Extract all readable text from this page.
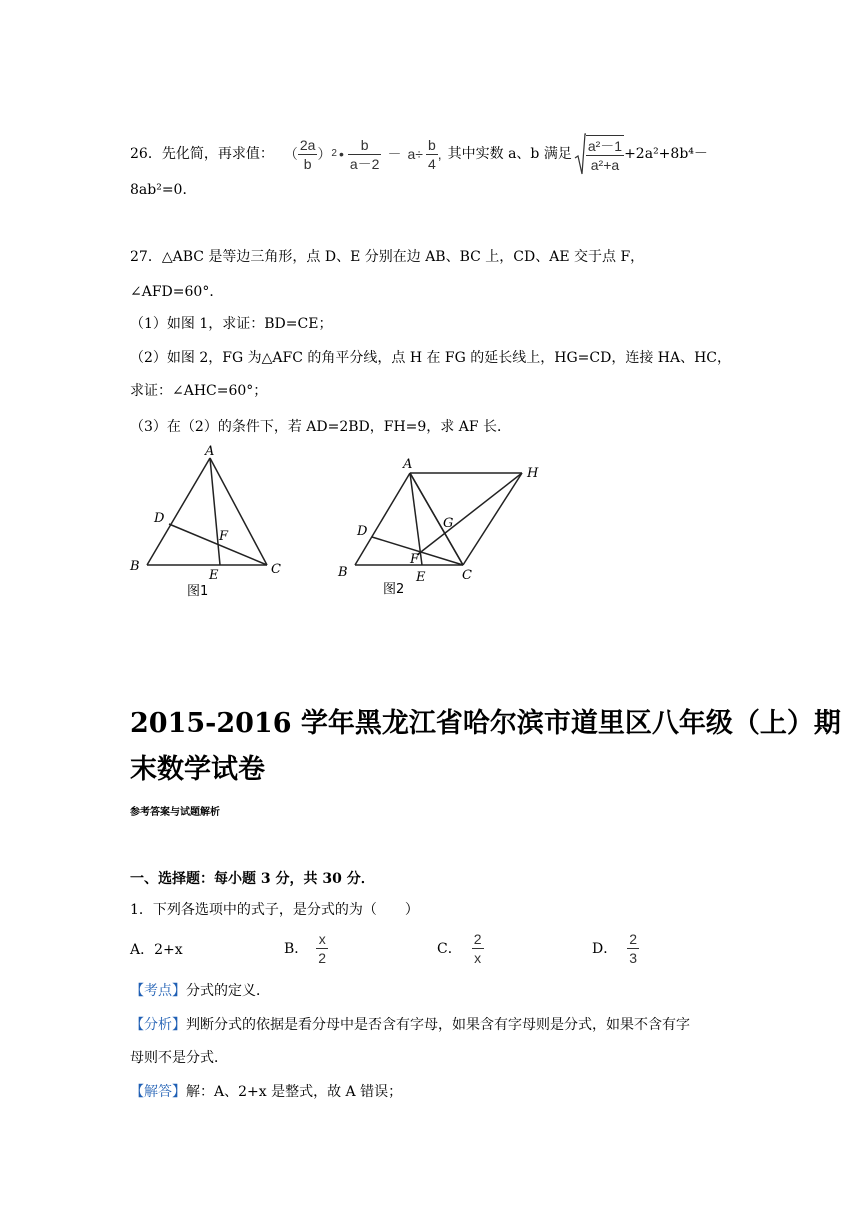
26．先化简，再求值： （ $\frac{2a}{b}$ ） 2 • $\frac{b}{a-2} - a\div \frac{b}{4}$ , 其中实数 a、b 满足 $\frac{\text{a²－1}}{\text{a²+a}} +2a^2+8b^4-$
8ab²=0．
27．△ABC 是等边三角形，点 D、E 分别在边 AB、BC 上，CD、AE 交于点 F，
∠AFD=60°．
（1）如图 1，求证：BD=CE；
（2）如图 2，FG 为△AFC 的角平分线，点 H 在 FG 的延长线上，HG=CD，连接 HA、HC，
求证：∠AHC=60°；
（3）在（2）的条件下，若 AD=2BD，FH=9，求 AF 长．
A
D
F
B
E	C
图1
A
H
G
D
F
B	E	C
图2
2015-2016 学年黑龙江省哈尔滨市道里区八年级（上）期
末数学试卷
参考答案与试题解析
一、选择题：每小题 3 分，共 30 分．
1．下列各选项中的式子，是分式的为（　　）
A．2+x	B． $\frac{x}{2}$	C． $\frac{2}{x}$	D． $\frac{2}{3}$
【考点】分式的定义．
【分析】判断分式的依据是看分母中是否含有字母，如果含有字母则是分式，如果不含有字
母则不是分式．
【解答】解：A、2+x 是整式，故 A 错误；
